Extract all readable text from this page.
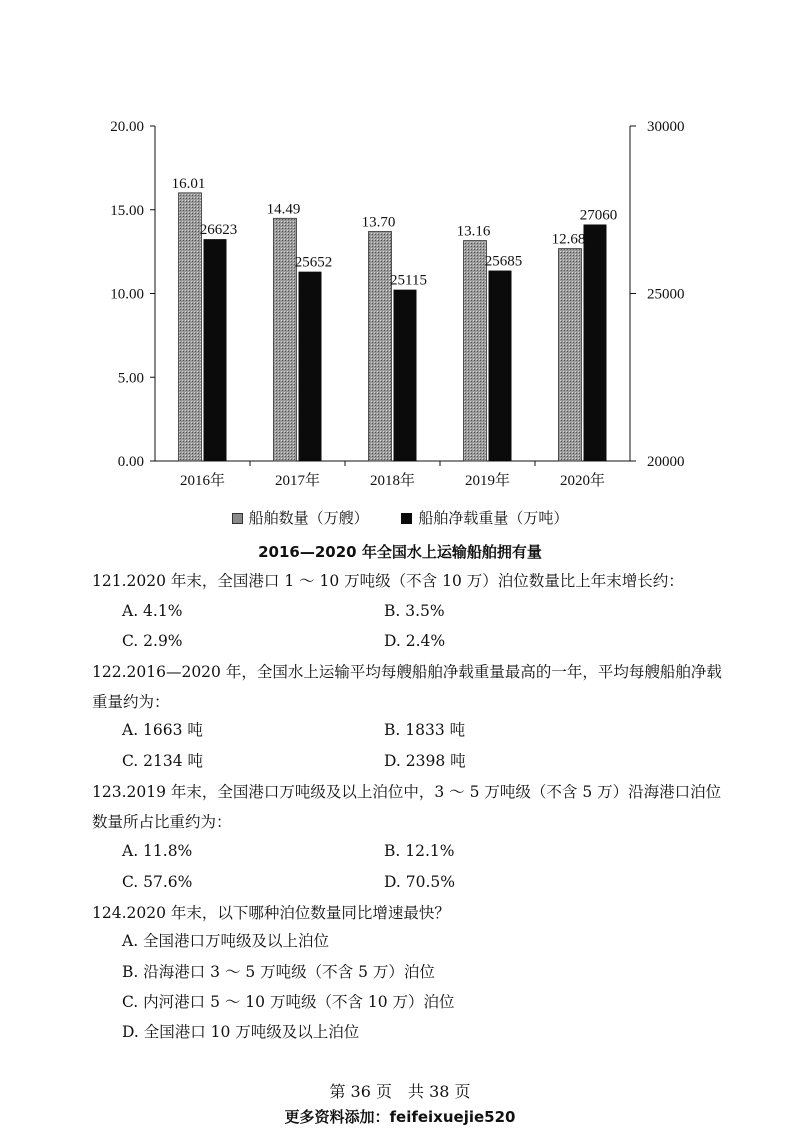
0.00
5.00
10.00
15.00
20.00
20000
25000
30000
16.01
26623
2016年
14.49
25652
2017年
13.70
25115
2018年
13.16
25685
2019年
12.68
27060
2020年
船舶数量（万艘）	船舶净载重量（万吨）
2016—2020 年全国水上运输船舶拥有量
121.2020 年末，全国港口 1 ～ 10 万吨级（不含 10 万）泊位数量比上年末增长约：
A. 4.1%	B. 3.5%
C. 2.9%	D. 2.4%
122.2016—2020 年，全国水上运输平均每艘船舶净载重量最高的一年，平均每艘船舶净载重量约为：
A. 1663 吨	B. 1833 吨
C. 2134 吨	D. 2398 吨
123.2019 年末，全国港口万吨级及以上泊位中，3 ～ 5 万吨级（不含 5 万）沿海港口泊位数量所占比重约为：
A. 11.8%	B. 12.1%
C. 57.6%	D. 70.5%
124.2020 年末，以下哪种泊位数量同比增速最快？
A. 全国港口万吨级及以上泊位
B. 沿海港口 3 ～ 5 万吨级（不含 5 万）泊位
C. 内河港口 5 ～ 10 万吨级（不含 10 万）泊位
D. 全国港口 10 万吨级及以上泊位
第 36 页　共 38 页
更多资料添加：feifeixuejie520
